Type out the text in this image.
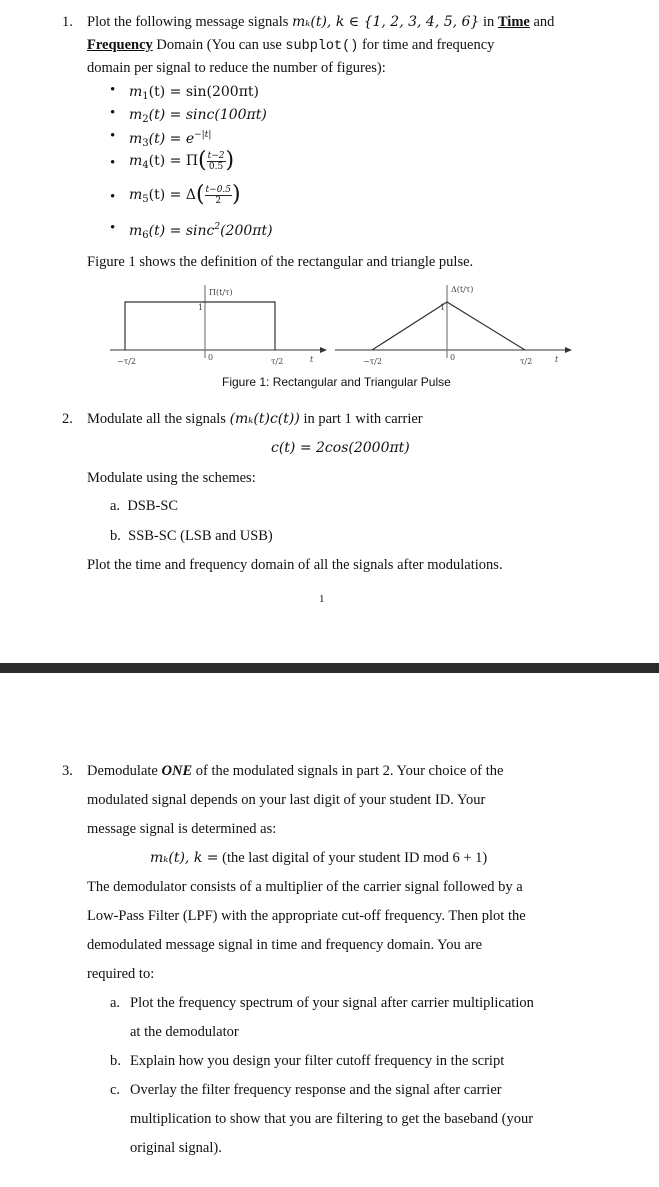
1. Plot the following message signals mₖ(t), k ∈ {1, 2, 3, 4, 5, 6} in Time and
Frequency Domain (You can use subplot() for time and frequency
domain per signal to reduce the number of figures):
• $m_1(t) = \sin(200\pi t)$
• $m_2(t) = \sin c(100\pi t)$
• $m_3(t) = e^{-|t|}$
• $m_4(t) = \Pi( \frac{t-2}{0.5}$ )
• $m_5(t) = \Delta( \frac{t-0.5}{2}$ )
• $m_6(t) = \sin c^2(200\pi t)$
Figure 1 shows the definition of the rectangular and triangle pulse.
Π(t/τ)
−τ/2	0	τ/2
1
t
Δ(t/τ)
−τ/2	0	τ/2
1
t
Figure 1: Rectangular and Triangular Pulse
2. Modulate all the signals (mₖ(t)c(t)) in part 1 with carrier
c(t) = 2cos(2000πt)
Modulate using the schemes:
a. DSB-SC
b. SSB-SC (LSB and USB)
Plot the time and frequency domain of all the signals after modulations.
1
3. Demodulate ONE of the modulated signals in part 2. Your choice of the
modulated signal depends on your last digit of your student ID. Your
message signal is determined as:
mₖ(t), k = (the last digital of your student ID mod 6 + 1)
The demodulator consists of a multiplier of the carrier signal followed by a
Low-Pass Filter (LPF) with the appropriate cut-off frequency. Then plot the
demodulated message signal in time and frequency domain. You are
required to:
a. Plot the frequency spectrum of your signal after carrier multiplication
at the demodulator
b. Explain how you design your filter cutoff frequency in the script
c. Overlay the filter frequency response and the signal after carrier
multiplication to show that you are filtering to get the baseband (your
original signal).
